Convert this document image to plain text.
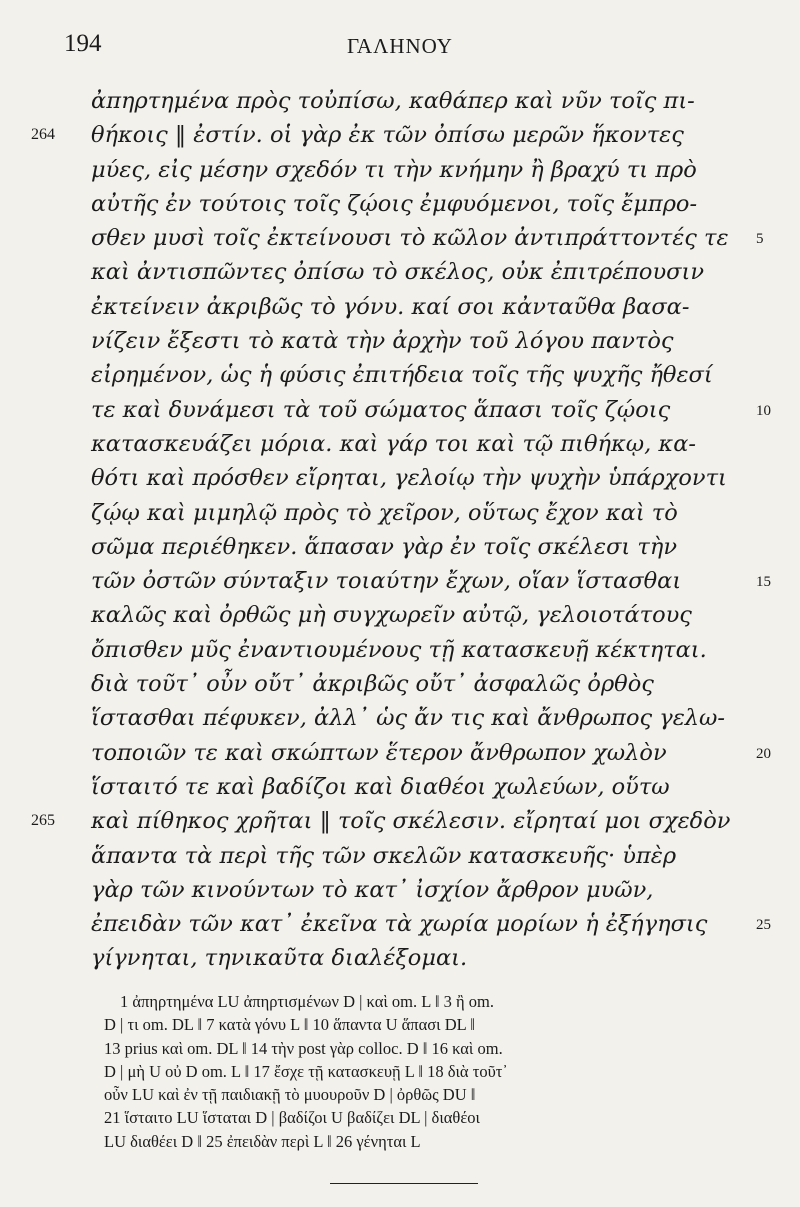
194	ΓΑΛΗΝΟΥ
ἀπηρτημένα πρὸς τοὐπίσω, καθάπερ καὶ νῦν τοῖς πι-
264 θήκοις ‖ ἐστίν. οἱ γὰρ ἐκ τῶν ὀπίσω μερῶν ἥκοντες
μύες, εἰς μέσην σχεδόν τι τὴν κνήμην ἢ βραχύ τι πρὸ
αὐτῆς ἐν τούτοις τοῖς ζῴοις ἐμφυόμενοι, τοῖς ἔμπρο-
σθεν μυσὶ τοῖς ἐκτείνουσι τὸ κῶλον ἀντιπράττοντές τε 5
καὶ ἀντισπῶντες ὀπίσω τὸ σκέλος, οὐκ ἐπιτρέπουσιν
ἐκτείνειν ἀκριβῶς τὸ γόνυ. καί σοι κἀνταῦθα βασα-
νίζειν ἔξεστι τὸ κατὰ τὴν ἀρχὴν τοῦ λόγου παντὸς
εἰρημένον, ὡς ἡ φύσις ἐπιτήδεια τοῖς τῆς ψυχῆς ἤθεσί
τε καὶ δυνάμεσι τὰ τοῦ σώματος ἅπασι τοῖς ζῴοις	10
κατασκευάζει μόρια. καὶ γάρ τοι καὶ τῷ πιθήκῳ, κα-
θότι καὶ πρόσθεν εἴρηται, γελοίῳ τὴν ψυχὴν ὑπάρχοντι
ζῴῳ καὶ μιμηλῷ πρὸς τὸ χεῖρον, οὕτως ἔχον καὶ τὸ
σῶμα περιέθηκεν. ἅπασαν γὰρ ἐν τοῖς σκέλεσι τὴν
τῶν ὀστῶν σύνταξιν τοιαύτην ἔχων, οἵαν ἵστασθαι	15
καλῶς καὶ ὀρθῶς μὴ συγχωρεῖν αὐτῷ, γελοιοτάτους
ὄπισθεν μῦς ἐναντιουμένους τῇ κατασκευῇ κέκτηται.
διὰ τοῦτ᾽ οὖν οὔτ᾽ ἀκριβῶς οὔτ᾽ ἀσφαλῶς ὀρθὸς
ἵστασθαι πέφυκεν, ἀλλ᾽ ὡς ἄν τις καὶ ἄνθρωπος γελω-
τοποιῶν τε καὶ σκώπτων ἕτερον ἄνθρωπον χωλὸν	20
ἵσταιτό τε καὶ βαδίζοι καὶ διαθέοι χωλεύων, οὕτω
265 καὶ πίθηκος χρῆται ‖ τοῖς σκέλεσιν. εἴρηταί μοι σχεδὸν
ἅπαντα τὰ περὶ τῆς τῶν σκελῶν κατασκευῆς· ὑπὲρ
γὰρ τῶν κινούντων τὸ κατ᾽ ἰσχίον ἄρθρον μυῶν,
ἐπειδὰν τῶν κατ᾽ ἐκεῖνα τὰ χωρία μορίων ἡ ἐξήγησις	25
γίγνηται, τηνικαῦτα διαλέξομαι.
1 ἀπηρτημένα LU ἀπηρτισμένων D | καὶ om. L ‖ 3 ἢ om.
D | τι om. DL ‖ 7 κατὰ γόνυ L ‖ 10 ἅπαντα U ἅπασι DL ‖
13 prius καὶ om. DL ‖ 14 τὴν post γὰρ colloc. D ‖ 16 καὶ om.
D | μὴ U οὐ D om. L ‖ 17 ἔσχε τῇ κατασκευῇ L ‖ 18 διὰ τοῦτ᾽
οὖν LU καὶ ἐν τῇ παιδιακῇ τὸ μυουροῦν D | ὀρθῶς DU ‖
21 ἵσταιτο LU ἵσταται D | βαδίζοι U βαδίζει DL | διαθέοι
LU διαθέει D ‖ 25 ἐπειδὰν περὶ L ‖ 26 γένηται L
